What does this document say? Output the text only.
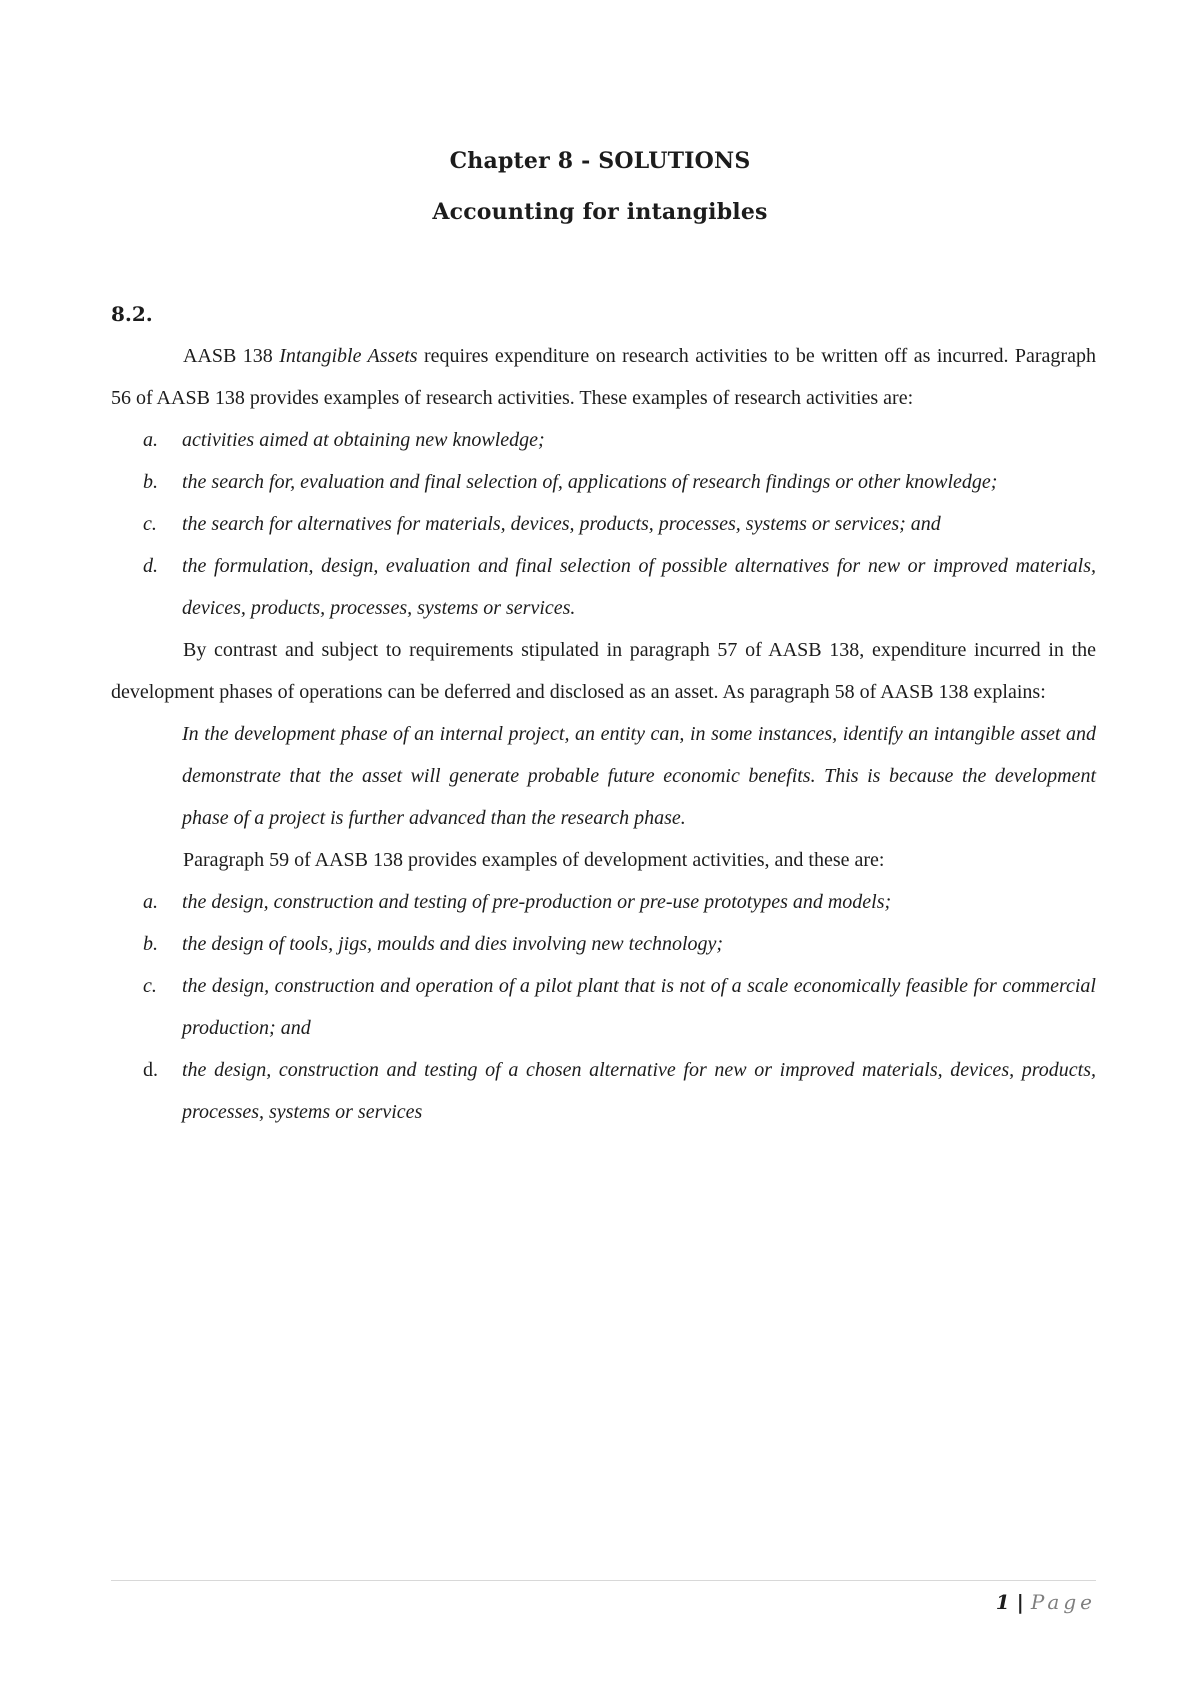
Chapter 8 - SOLUTIONS
Accounting for intangibles
8.2.

AASB 138 Intangible Assets requires expenditure on research activities to be written off as incurred. Paragraph 56 of AASB 138 provides examples of research activities. These examples of research activities are:

a. activities aimed at obtaining new knowledge;
b. the search for, evaluation and final selection of, applications of research findings or other knowledge;
c. the search for alternatives for materials, devices, products, processes, systems or services; and
d. the formulation, design, evaluation and final selection of possible alternatives for new or improved materials, devices, products, processes, systems or services.

By contrast and subject to requirements stipulated in paragraph 57 of AASB 138, expenditure incurred in the development phases of operations can be deferred and disclosed as an asset. As paragraph 58 of AASB 138 explains:

In the development phase of an internal project, an entity can, in some instances, identify an intangible asset and demonstrate that the asset will generate probable future economic benefits. This is because the development phase of a project is further advanced than the research phase.

Paragraph 59 of AASB 138 provides examples of development activities, and these are:

a. the design, construction and testing of pre-production or pre-use prototypes and models;
b. the design of tools, jigs, moulds and dies involving new technology;
c. the design, construction and operation of a pilot plant that is not of a scale economically feasible for commercial production; and
d. the design, construction and testing of a chosen alternative for new or improved materials, devices, products, processes, systems or services
1 | Page
